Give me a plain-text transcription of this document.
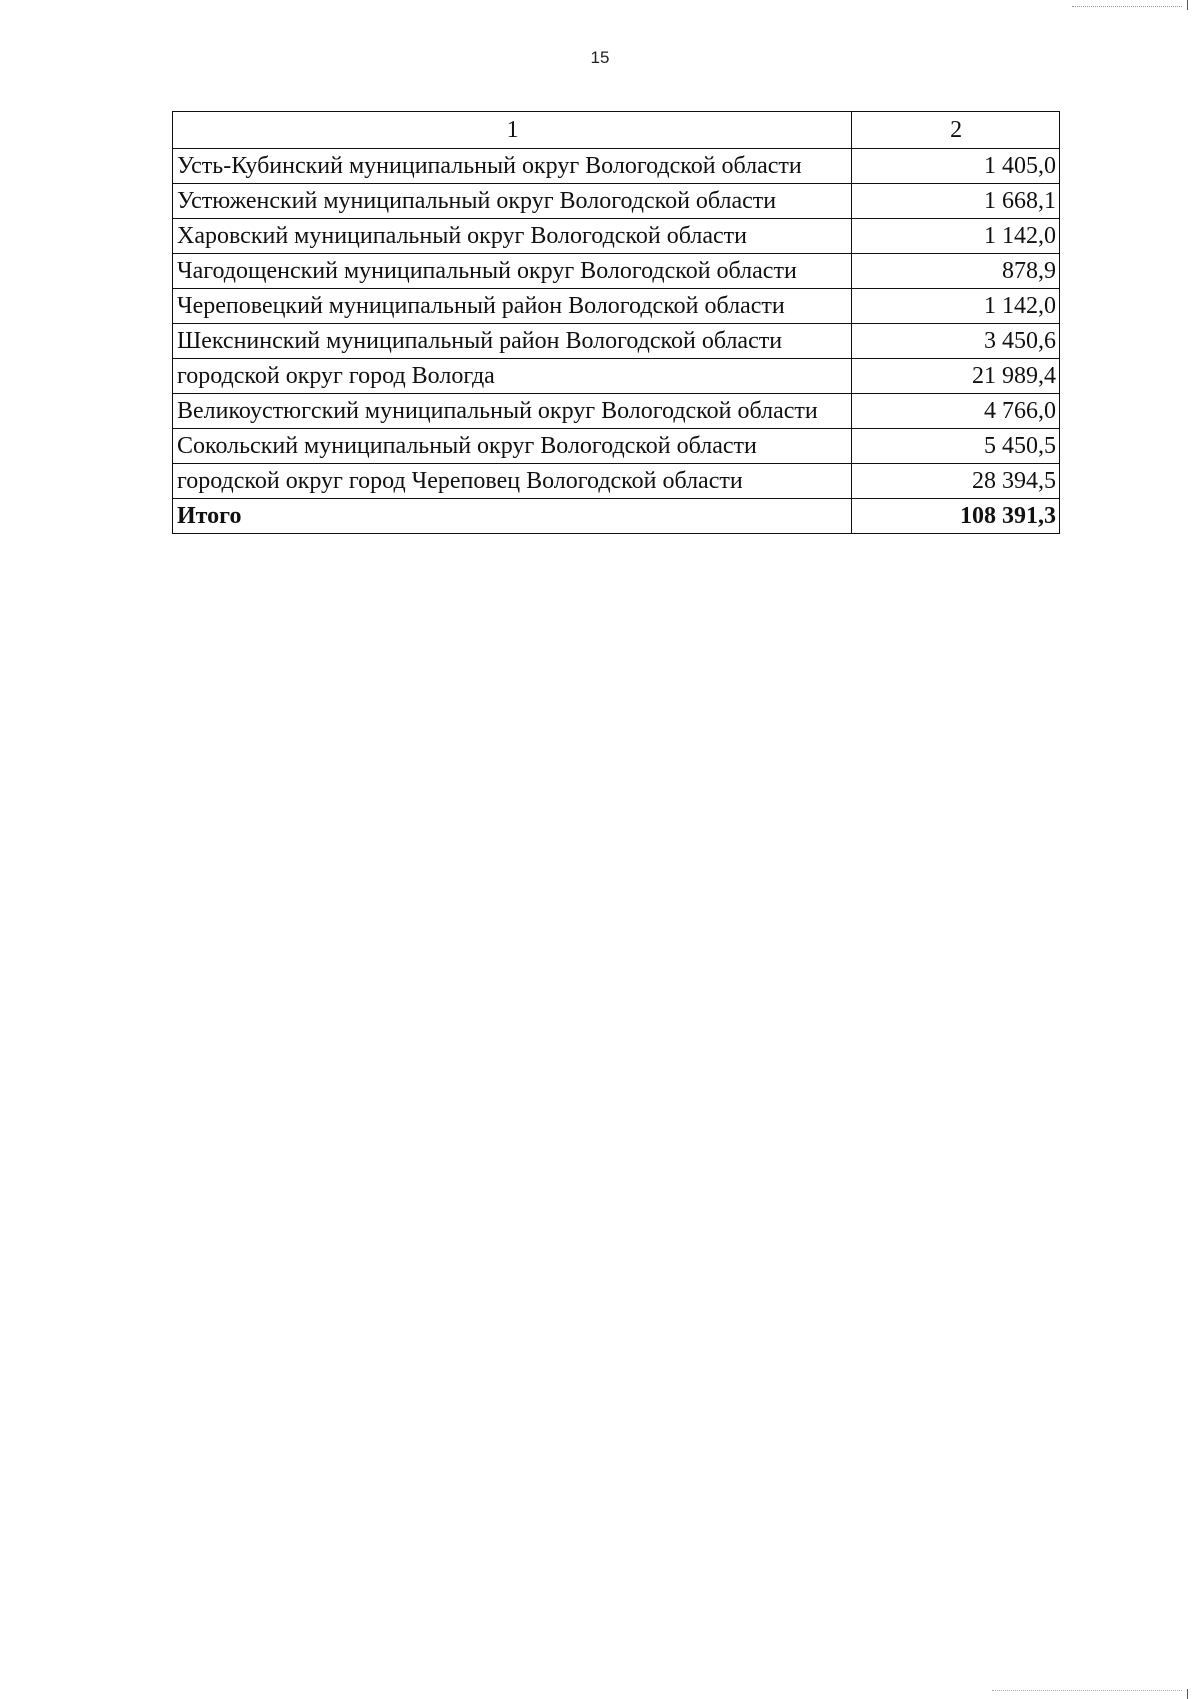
15
1	2
Усть-Кубинский муниципальный округ Вологодской области	1 405,0
Устюженский муниципальный округ Вологодской области	1 668,1
Харовский муниципальный округ Вологодской области	1 142,0
Чагодощенский муниципальный округ Вологодской области	878,9
Череповецкий муниципальный район Вологодской области	1 142,0
Шекснинский муниципальный район Вологодской области	3 450,6
городской округ город Вологда	21 989,4
Великоустюгский муниципальный округ Вологодской области	4 766,0
Сокольский муниципальный округ Вологодской области	5 450,5
городской округ город Череповец Вологодской области	28 394,5
Итого	108 391,3
